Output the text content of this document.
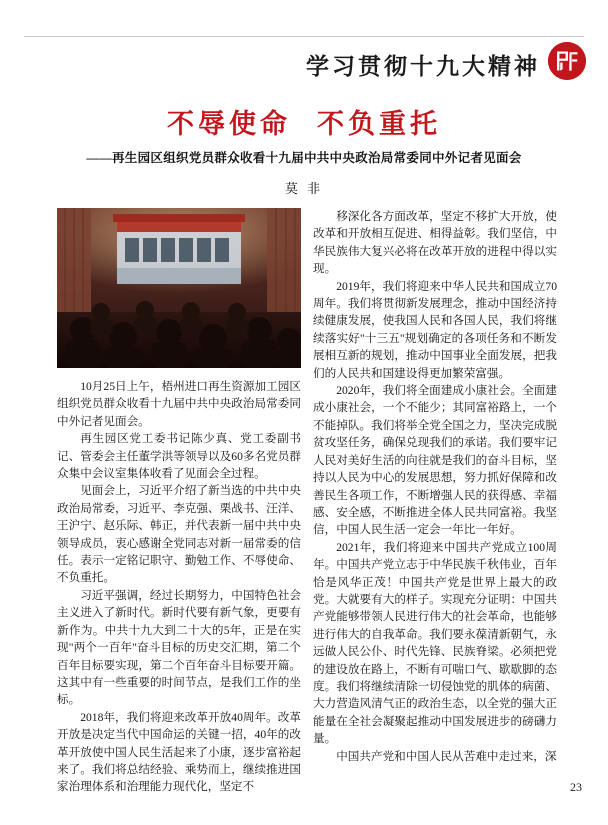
学习贯彻十九大精神
不辱使命 不负重托
——再生园区组织党员群众收看十九届中共中央政治局常委同中外记者见面会
莫 非

10月25日上午，梧州进口再生资源加工园区组织党员群众收看十九届中共中央政治局常委同中外记者见面会。

再生园区党工委书记陈少真、党工委副书记、管委会主任董学洪等领导以及60多名党员群众集中会议室集体收看了见面会全过程。

见面会上，习近平介绍了新当选的中共中央政治局常委，习近平、李克强、栗战书、汪洋、王沪宁、赵乐际、韩正，并代表新一届中共中央领导成员，衷心感谢全党同志对新一届常委的信任。表示一定铭记职守、勤勉工作、不辱使命、不负重托。

习近平强调，经过长期努力，中国特色社会主义进入了新时代。新时代要有新气象，更要有新作为。中共十九大到二十大的5年，正是在实现"两个一百年"奋斗目标的历史交汇期，第二个百年目标要实现，第二个百年奋斗目标要开篇。这其中有一些重要的时间节点，是我们工作的坐标。

2018年，我们将迎来改革开放40周年。改革开放是决定当代中国命运的关键一招，40年的改革开放使中国人民生活起来了小康，逐步富裕起来了。我们将总结经验、乘势而上，继续推进国家治理体系和治理能力现代化，坚定不

移深化各方面改革，坚定不移扩大开放，使改革和开放相互促进、相得益彰。我们坚信，中华民族伟大复兴必将在改革开放的进程中得以实现。

2019年，我们将迎来中华人民共和国成立70周年。我们将贯彻新发展理念，推动中国经济持续健康发展，使我国人民和各国人民，我们将继续落实好"十三五"规划确定的各项任务和不断发展相互新的规划，推动中国事业全面发展，把我们的人民共和国建设得更加繁荣富强。

2020年，我们将全面建成小康社会。全面建成小康社会，一个不能少；其同富裕路上，一个不能掉队。我们将举全党全国之力，坚决完成脱贫攻坚任务，确保兑现我们的承诺。我们要牢记人民对美好生活的向往就是我们的奋斗目标，坚持以人民为中心的发展思想，努力抓好保障和改善民生各项工作，不断增强人民的获得感、幸福感、安全感，不断推进全体人民共同富裕。我坚信，中国人民生活一定会一年比一年好。

2021年，我们将迎来中国共产党成立100周年。中国共产党立志于中华民族千秋伟业，百年恰是风华正茂！中国共产党是世界上最大的政党。大就要有大的样子。实现充分证明：中国共产党能够带领人民进行伟大的社会革命，也能够进行伟大的自我革命。我们要永葆清新朝气，永远做人民公仆、时代先锋、民族脊梁。必须把党的建设放在路上，不断有可喘口气、歇歇脚的态度。我们将继续清除一切侵蚀党的肌体的病菌、大力营造风清气正的政治生态，以全党的强大正能量在全社会凝聚起推动中国发展进步的磅礴力量。

中国共产党和中国人民从苦难中走过来，深

23
